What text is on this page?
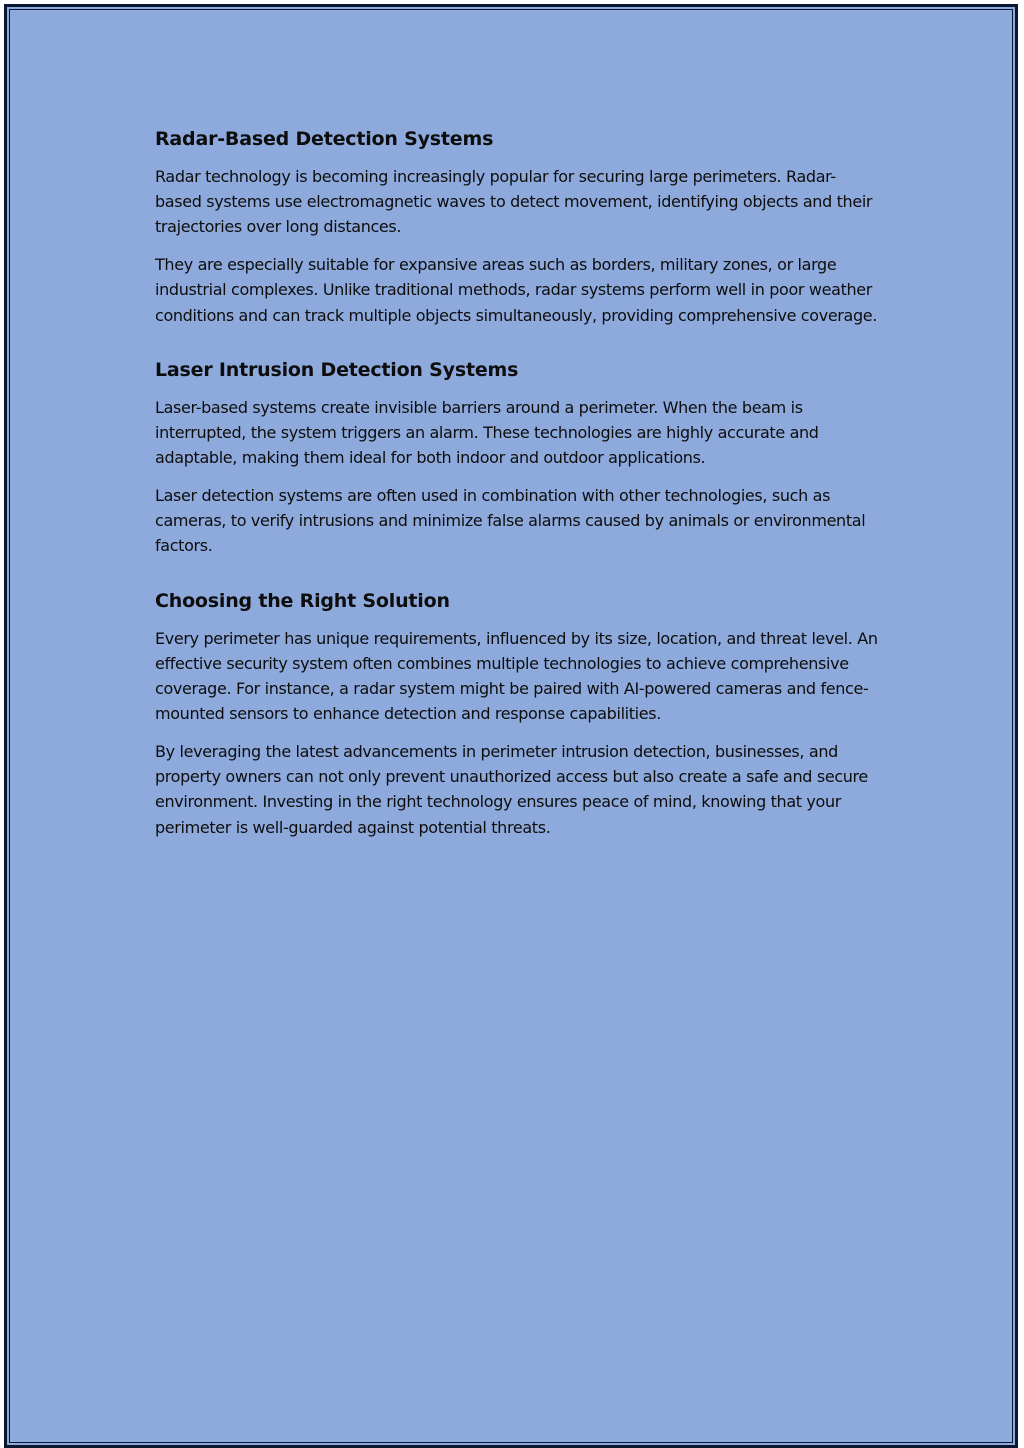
Radar-Based Detection Systems

Radar technology is becoming increasingly popular for securing large perimeters. Radar-based systems use electromagnetic waves to detect movement, identifying objects and their trajectories over long distances.

They are especially suitable for expansive areas such as borders, military zones, or large industrial complexes. Unlike traditional methods, radar systems perform well in poor weather conditions and can track multiple objects simultaneously, providing comprehensive coverage.

Laser Intrusion Detection Systems

Laser-based systems create invisible barriers around a perimeter. When the beam is interrupted, the system triggers an alarm. These technologies are highly accurate and adaptable, making them ideal for both indoor and outdoor applications.

Laser detection systems are often used in combination with other technologies, such as cameras, to verify intrusions and minimize false alarms caused by animals or environmental factors.

Choosing the Right Solution

Every perimeter has unique requirements, influenced by its size, location, and threat level. An effective security system often combines multiple technologies to achieve comprehensive coverage. For instance, a radar system might be paired with AI-powered cameras and fence-mounted sensors to enhance detection and response capabilities.

By leveraging the latest advancements in perimeter intrusion detection, businesses, and property owners can not only prevent unauthorized access but also create a safe and secure environment. Investing in the right technology ensures peace of mind, knowing that your perimeter is well-guarded against potential threats.
